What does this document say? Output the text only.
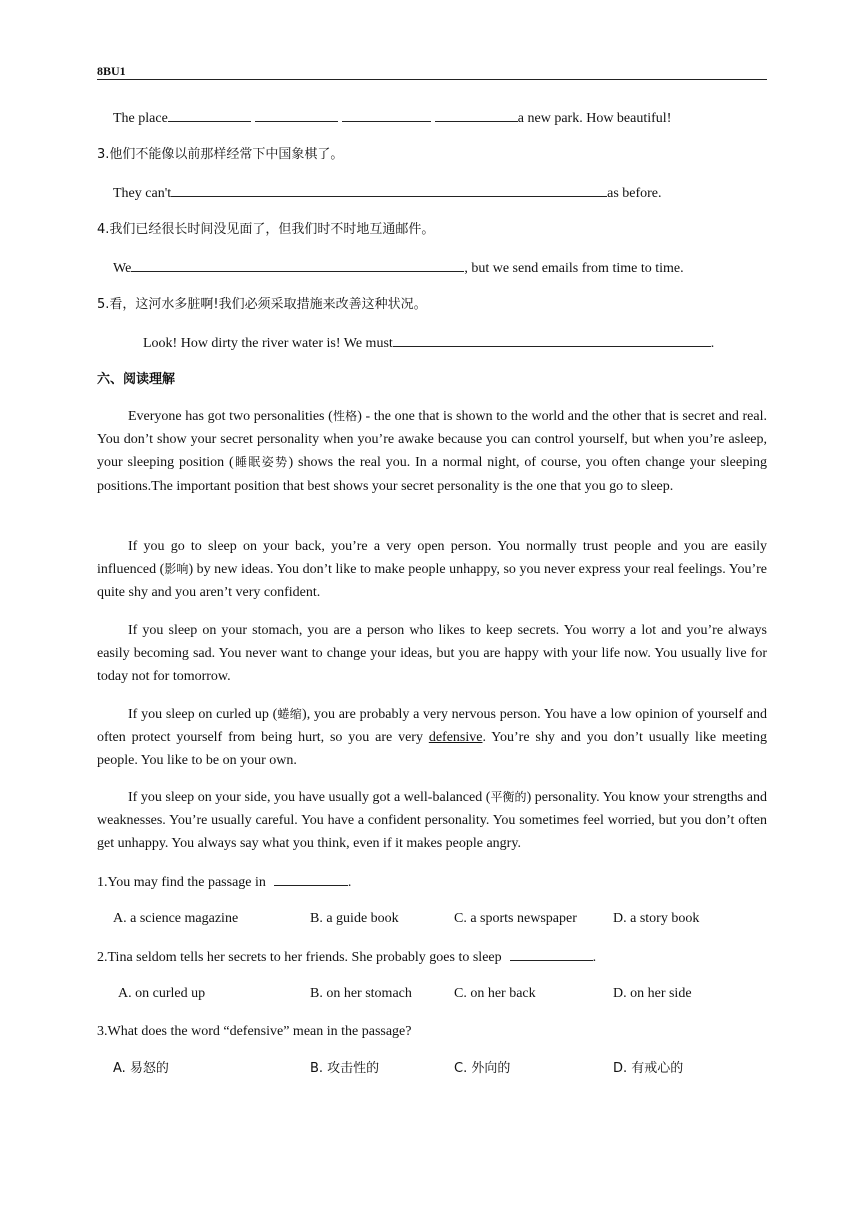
8BU1
The place	a new park. How beautiful!
3.他们不能像以前那样经常下中国象棋了。
They can't	as before.
4.我们已经很长时间没见面了，但我们时不时地互通邮件。
We	, but we send emails from time to time.
5.看，这河水多脏啊!我们必须采取措施来改善这种状况。
Look! How dirty the river water is! We must	.
六、阅读理解
Everyone has got two personalities (性格) - the one that is shown to the world and the other that is secret and real. You don’t show your secret personality when you’re awake because you can control yourself, but when you’re asleep, your sleeping position (睡眠姿势) shows the real you. In a normal night, of course, you often change your sleeping positions.The important position that best shows your secret personality is the one that you go to sleep.
If you go to sleep on your back, you’re a very open person. You normally trust people and you are easily influenced (影响) by new ideas. You don’t like to make people unhappy, so you never express your real feelings. You’re quite shy and you aren’t very confident.
If you sleep on your stomach, you are a person who likes to keep secrets. You worry a lot and you’re always easily becoming sad. You never want to change your ideas, but you are happy with your life now. You usually live for today not for tomorrow.
If you sleep on curled up (蜷缩), you are probably a very nervous person. You have a low opinion of yourself and often protect yourself from being hurt, so you are very defensive. You’re shy and you don’t usually like meeting people. You like to be on your own.
If you sleep on your side, you have usually got a well-balanced (平衡的) personality. You know your strengths and weaknesses. You’re usually careful. You have a confident personality. You sometimes feel worried, but you don’t often get unhappy. You always say what you think, even if it makes people angry.
1.You may find the passage in	.
A. a science magazine	B. a guide book	C. a sports newspaper	D. a story book
2.Tina seldom tells her secrets to her friends. She probably goes to sleep	.
A. on curled up	B. on her stomach	C. on her back	D. on her side
3.What does the word “defensive” mean in the passage?
A. 易怒的	B. 攻击性的	C. 外向的	D. 有戒心的
